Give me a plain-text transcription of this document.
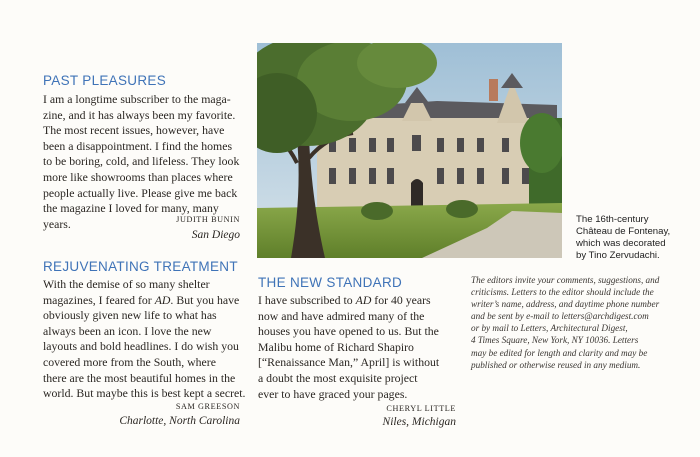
PAST PLEASURES
I am a longtime subscriber to the maga-
zine, and it has always been my favorite.
The most recent issues, however, have
been a disappointment. I find the homes
to be boring, cold, and lifeless. They look
more like showrooms than places where
people actually live. Please give me back
the magazine I loved for many, many years.	JUDITH BUNIN
San Diego
REJUVENATING TREATMENT
With the demise of so many shelter
magazines, I feared for AD. But you have
obviously given new life to what has
always been an icon. I love the new
layouts and bold headlines. I do wish you
covered more from the South, where
there are the most beautiful homes in the
world. But maybe this is best kept a secret.
SAM GREESON
Charlotte, North Carolina
The 16th-century
Château de Fontenay,
which was decorated
by Tino Zervudachi.
THE NEW STANDARD
I have subscribed to AD for 40 years
now and have admired many of the
houses you have opened to us. But the
Malibu home of Richard Shapiro
[“Renaissance Man,” April] is without
a doubt the most exquisite project
ever to have graced your pages.
CHERYL LITTLE
Niles, Michigan
The editors invite your comments, suggestions, and
criticisms. Letters to the editor should include the
writer’s name, address, and daytime phone number
and be sent by e-mail to letters@archdigest.com
or by mail to Letters, Architectural Digest,
4 Times Square, New York, NY 10036. Letters
may be edited for length and clarity and may be
published or otherwise reused in any medium.
